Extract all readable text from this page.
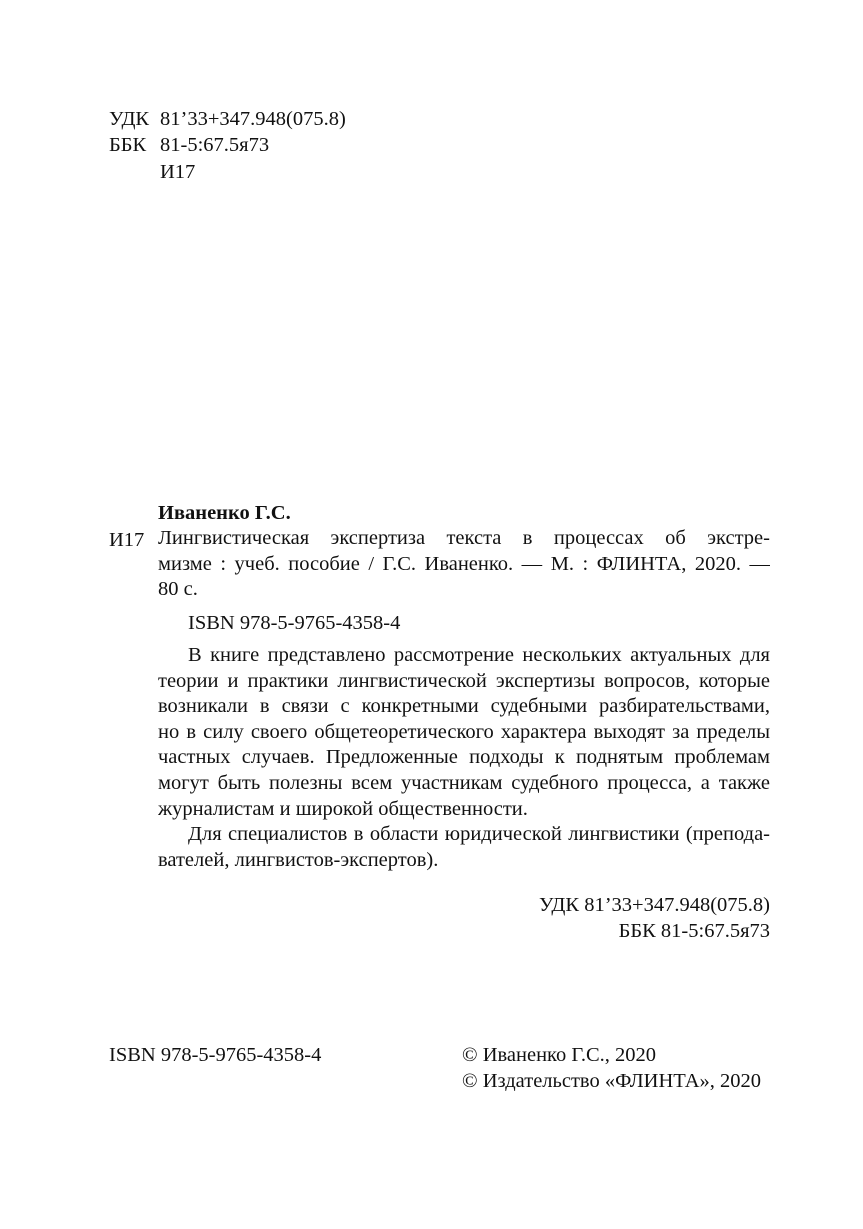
УДК 81’33+347.948(075.8)
ББК 81-5:67.5я73
И17
Иваненко Г.С.
И17 Лингвистическая экспертиза текста в процессах об экстре-
мизме : учеб. пособие / Г.С. Иваненко. — М. : ФЛИНТА, 2020. —
80 с.
ISBN 978-5-9765-4358-4
В книге представлено рассмотрение нескольких актуальных для
теории и практики лингвистической экспертизы вопросов, которые
возникали в связи с конкретными судебными разбирательствами,
но в силу своего общетеоретического характера выходят за пределы
частных случаев. Предложенные подходы к поднятым проблемам
могут быть полезны всем участникам судебного процесса, а также
журналистам и широкой общественности.
Для специалистов в области юридической лингвистики (препода-
вателей, лингвистов-экспертов).
УДК 81’33+347.948(075.8)
ББК 81-5:67.5я73
ISBN 978-5-9765-4358-4	© Иваненко Г.С., 2020
© Издательство «ФЛИНТА», 2020
